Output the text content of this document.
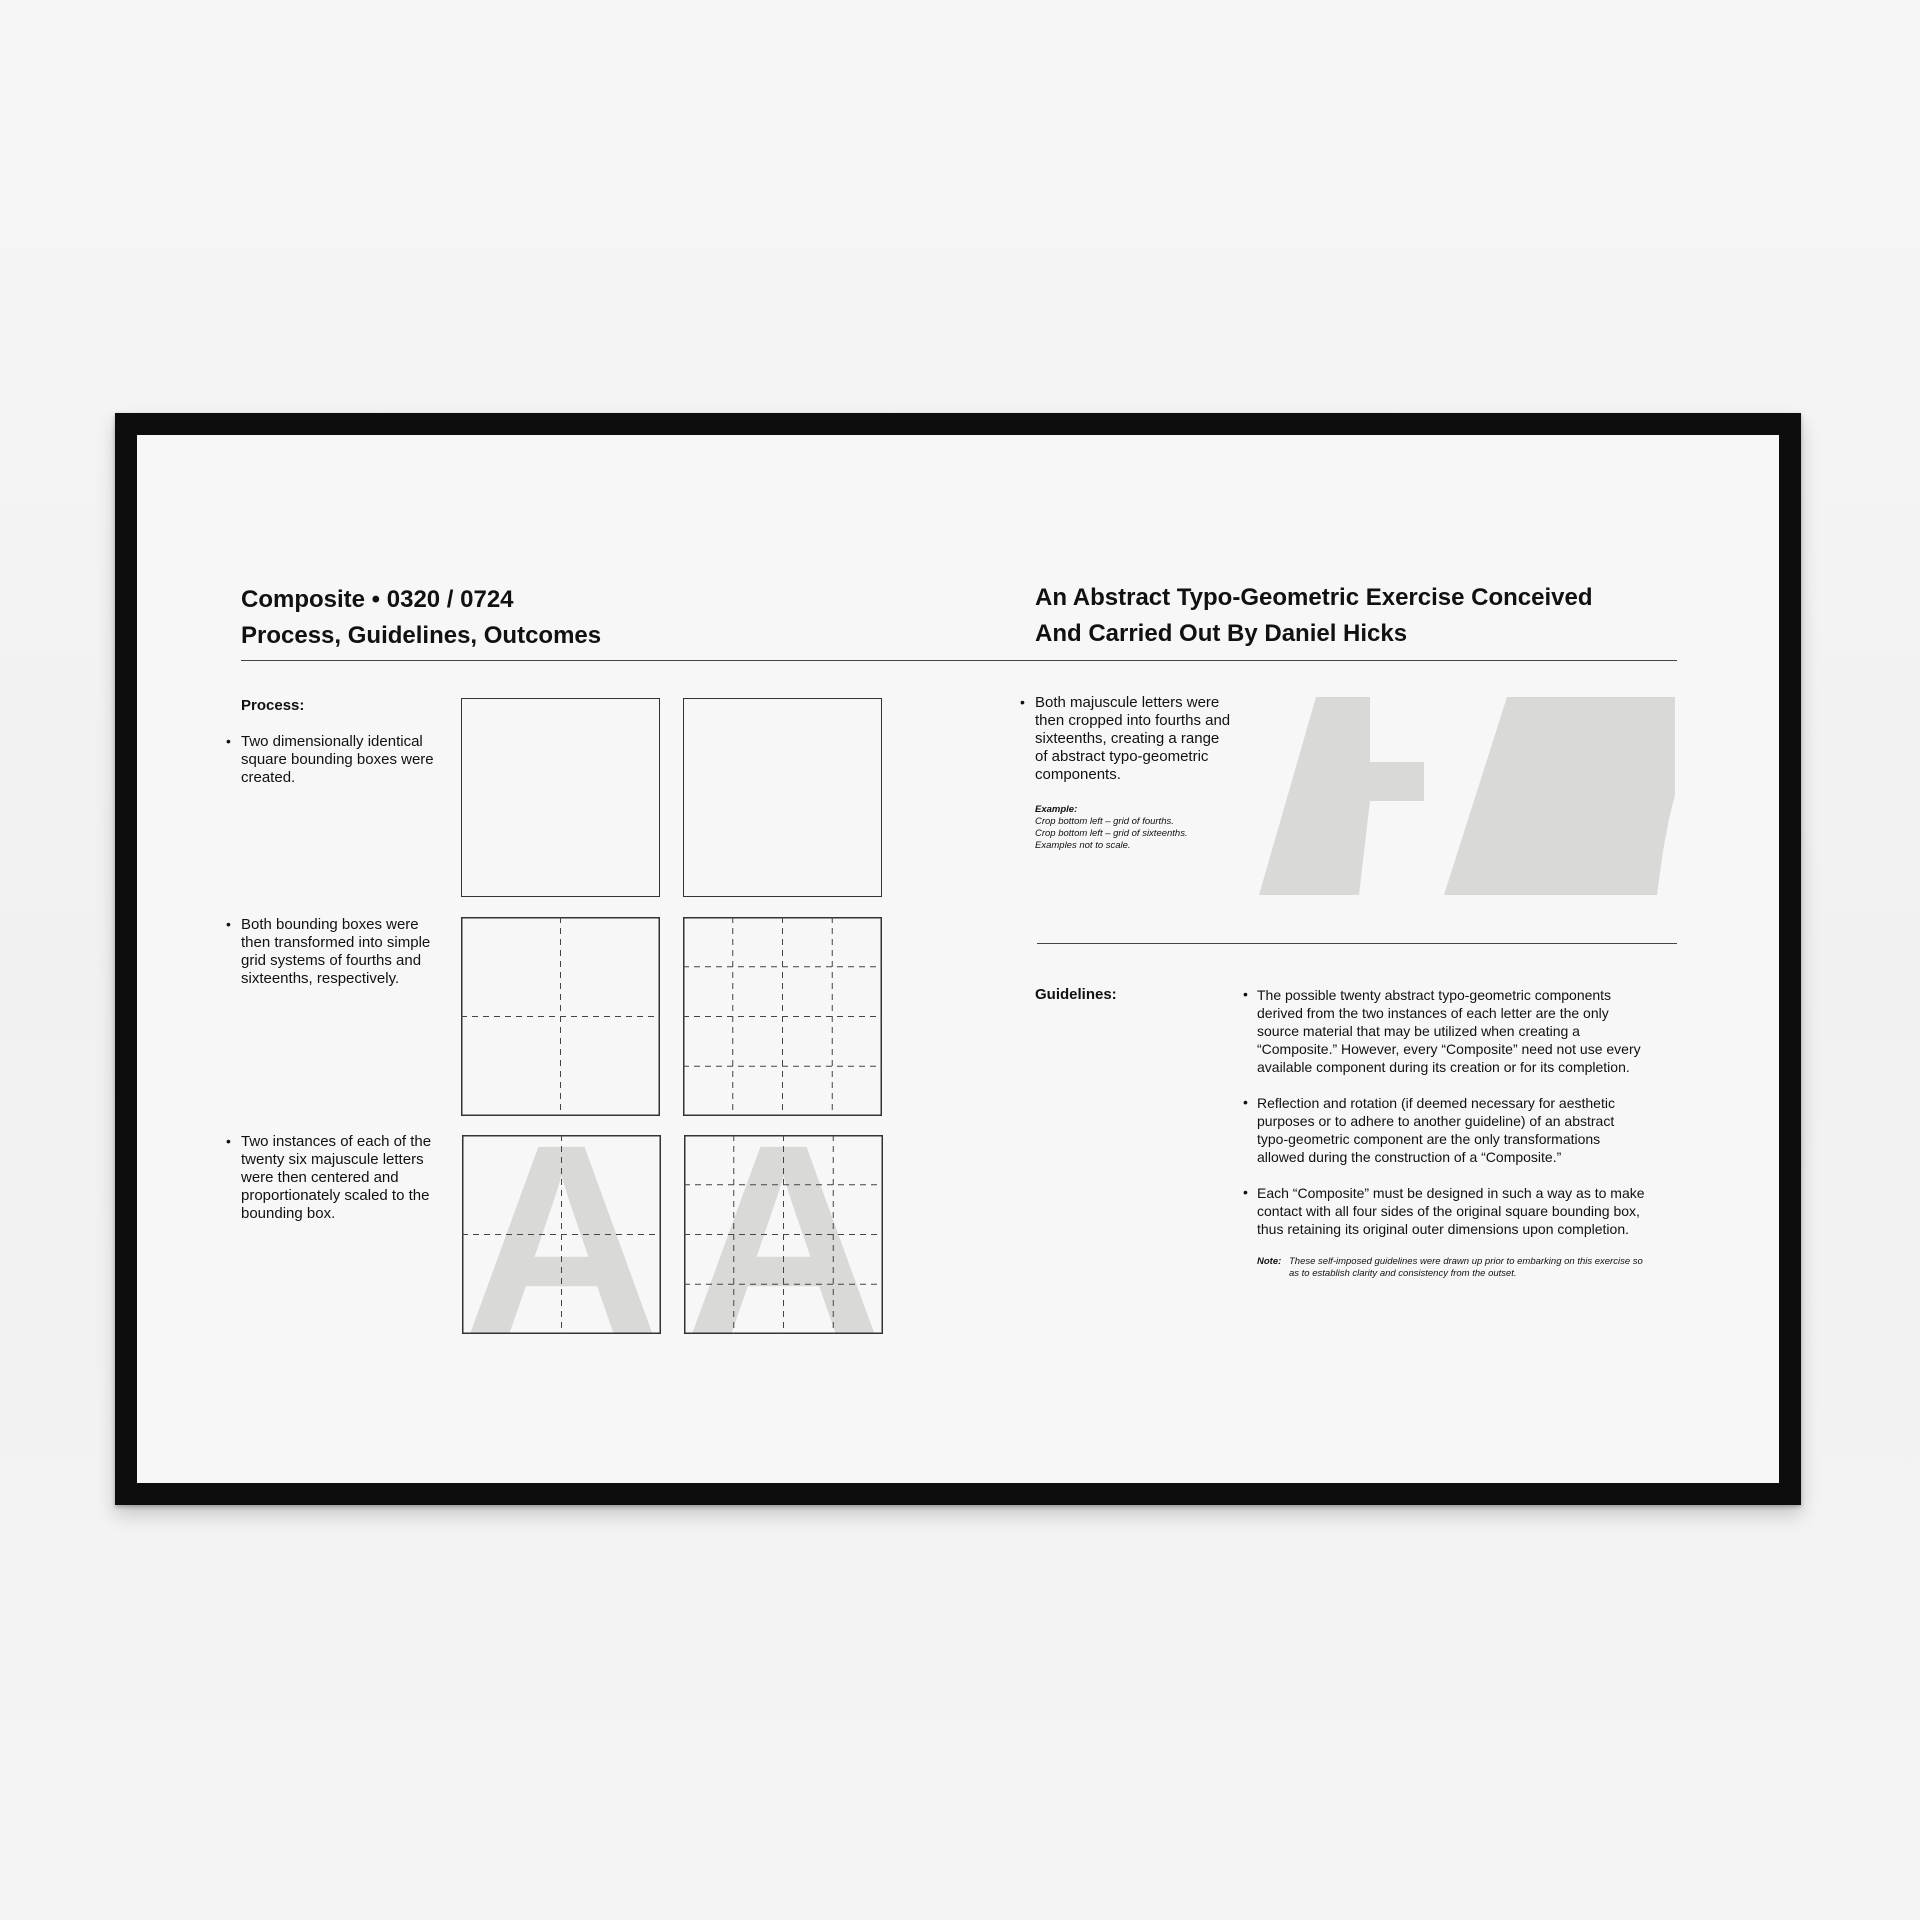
Composite • 0320 / 0724
Process, Guidelines, Outcomes
An Abstract Typo-Geometric Exercise Conceived
And Carried Out By Daniel Hicks
Process:
• Two dimensionally identical
square bounding boxes were
created.
• Both bounding boxes were
then transformed into simple
grid systems of fourths and
sixteenths, respectively.
• Two instances of each of the
twenty six majuscule letters
were then centered and
proportionately scaled to the
bounding box. A A
• Both majuscule letters were
then cropped into fourths and
sixteenths, creating a range
of abstract typo-geometric
components.
Example:
Crop bottom left – grid of fourths.
Crop bottom left – grid of sixteenths.
Examples not to scale.
Guidelines:	• The possible twenty abstract typo-geometric components
derived from the two instances of each letter are the only
source material that may be utilized when creating a
“Composite.” However, every “Composite” need not use every
available component during its creation or for its completion.
• Reflection and rotation (if deemed necessary for aesthetic
purposes or to adhere to another guideline) of an abstract
typo-geometric component are the only transformations
allowed during the construction of a “Composite.”
• Each “Composite” must be designed in such a way as to make
contact with all four sides of the original square bounding box,
thus retaining its original outer dimensions upon completion.
Note: These self-imposed guidelines were drawn up prior to embarking on this exercise so
as to establish clarity and consistency from the outset.
